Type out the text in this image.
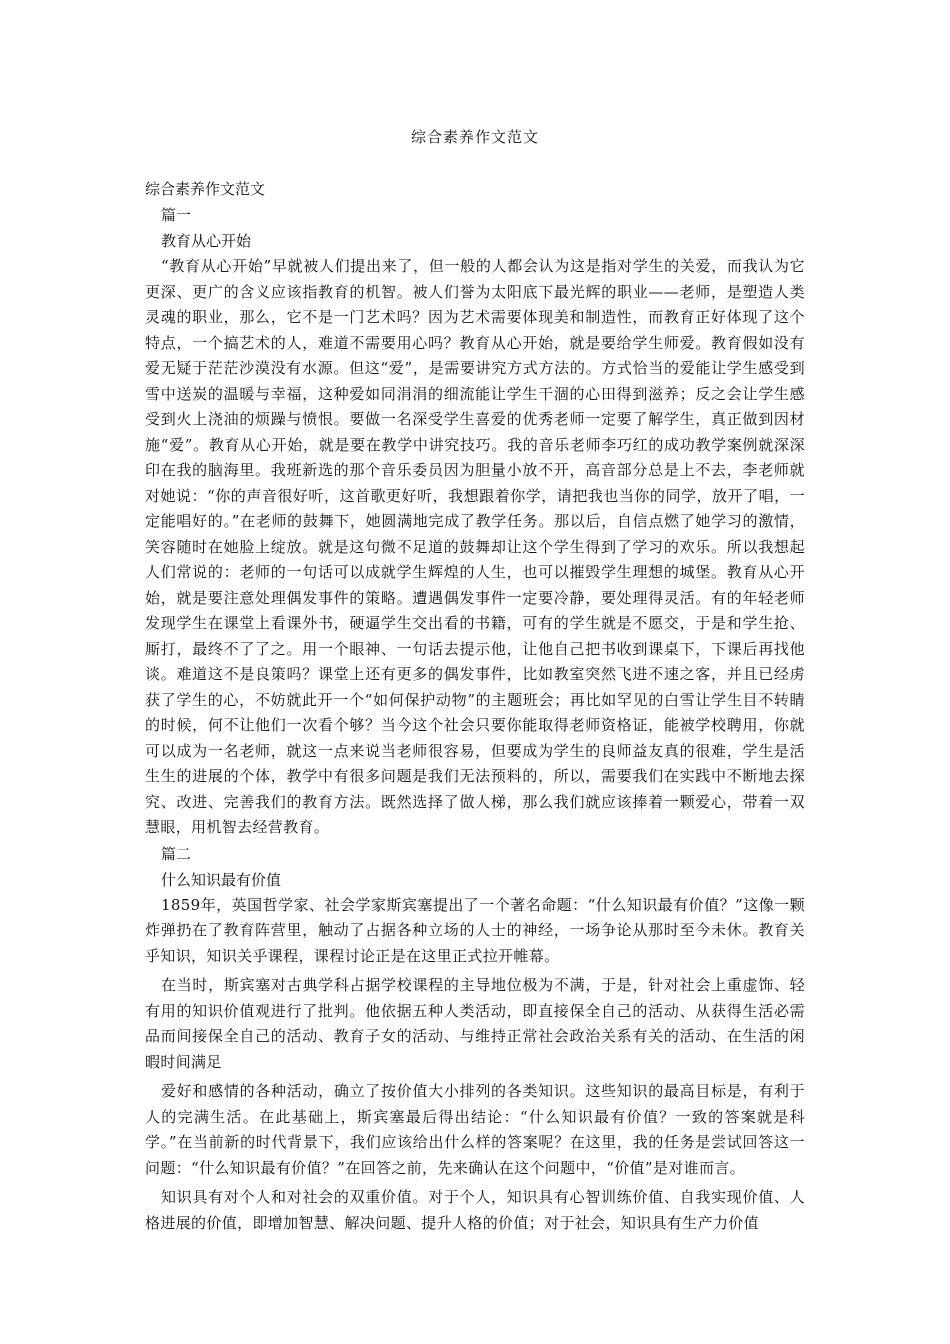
综合素养作文范文

综合素养作文范文

篇一

教育从心开始

“教育从心开始”早就被人们提出来了，但一般的人都会认为这是指对学生的关爱，而我认为它更深、更广的含义应该指教育的机智。被人们誉为太阳底下最光辉的职业——老师，是塑造人类灵魂的职业，那么，它不是一门艺术吗？因为艺术需要体现美和制造性，而教育正好体现了这个特点，一个搞艺术的人，难道不需要用心吗？教育从心开始，就是要给学生师爱。教育假如没有爱无疑于茫茫沙漠没有水源。但这“爱”，是需要讲究方式方法的。方式恰当的爱能让学生感受到雪中送炭的温暖与幸福，这种爱如同涓涓的细流能让学生干涸的心田得到滋养；反之会让学生感受到火上浇油的烦躁与愤恨。要做一名深受学生喜爱的优秀老师一定要了解学生，真正做到因材施“爱”。教育从心开始，就是要在教学中讲究技巧。我的音乐老师李巧红的成功教学案例就深深印在我的脑海里。我班新选的那个音乐委员因为胆量小放不开，高音部分总是上不去，李老师就对她说：“你的声音很好听，这首歌更好听，我想跟着你学，请把我也当你的同学，放开了唱，一定能唱好的。”在老师的鼓舞下，她圆满地完成了教学任务。那以后，自信点燃了她学习的激情，笑容随时在她脸上绽放。就是这句微不足道的鼓舞却让这个学生得到了学习的欢乐。所以我想起人们常说的：老师的一句话可以成就学生辉煌的人生，也可以摧毁学生理想的城堡。教育从心开始，就是要注意处理偶发事件的策略。遭遇偶发事件一定要冷静，要处理得灵活。有的年轻老师发现学生在课堂上看课外书，硬逼学生交出看的书籍，可有的学生就是不愿交，于是和学生抢、厮打，最终不了了之。用一个眼神、一句话去提示他，让他自己把书收到课桌下，下课后再找他谈。难道这不是良策吗？课堂上还有更多的偶发事件，比如教室突然飞进不速之客，并且已经虏获了学生的心，不妨就此开一个“如何保护动物”的主题班会；再比如罕见的白雪让学生目不转睛的时候，何不让他们一次看个够？当今这个社会只要你能取得老师资格证，能被学校聘用，你就可以成为一名老师，就这一点来说当老师很容易，但要成为学生的良师益友真的很难，学生是活生生的进展的个体，教学中有很多问题是我们无法预料的，所以，需要我们在实践中不断地去探究、改进、完善我们的教育方法。既然选择了做人梯，那么我们就应该捧着一颗爱心，带着一双慧眼，用机智去经营教育。

篇二

什么知识最有价值

1859年，英国哲学家、社会学家斯宾塞提出了一个著名命题：“什么知识最有价值？”这像一颗炸弹扔在了教育阵营里，触动了占据各种立场的人士的神经，一场争论从那时至今未休。教育关乎知识，知识关乎课程，课程讨论正是在这里正式拉开帷幕。

在当时，斯宾塞对古典学科占据学校课程的主导地位极为不满，于是，针对社会上重虚饰、轻有用的知识价值观进行了批判。他依据五种人类活动，即直接保全自己的活动、从获得生活必需品而间接保全自己的活动、教育子女的活动、与维持正常社会政治关系有关的活动、在生活的闲暇时间满足

爱好和感情的各种活动，确立了按价值大小排列的各类知识。这些知识的最高目标是，有利于人的完满生活。在此基础上，斯宾塞最后得出结论：“什么知识最有价值？一致的答案就是科学。”在当前新的时代背景下，我们应该给出什么样的答案呢？在这里，我的任务是尝试回答这一问题：“什么知识最有价值？”在回答之前，先来确认在这个问题中，“价值”是对谁而言。

知识具有对个人和对社会的双重价值。对于个人，知识具有心智训练价值、自我实现价值、人格进展的价值，即增加智慧、解决问题、提升人格的价值；对于社会，知识具有生产力价值
